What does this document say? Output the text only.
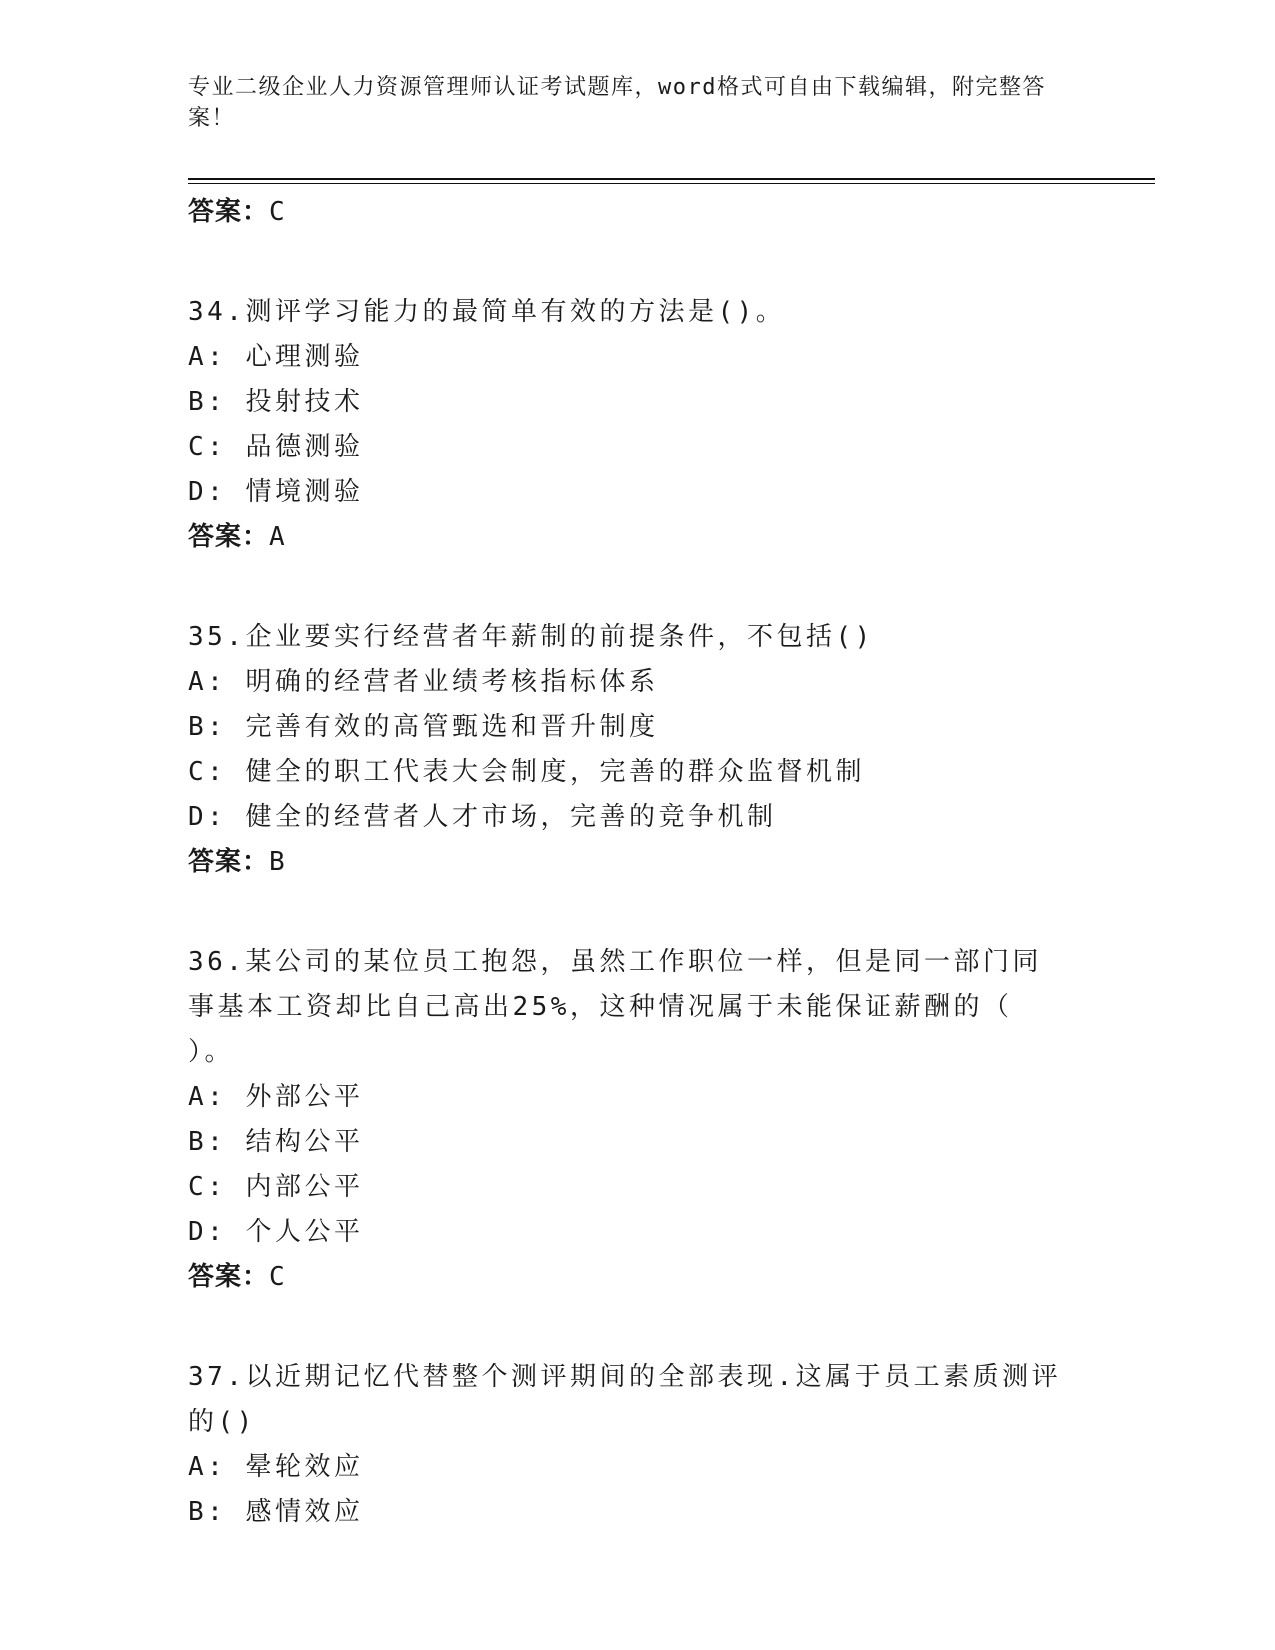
专业二级企业人力资源管理师认证考试题库，word格式可自由下载编辑，附完整答案！
答案：C
34.测评学习能力的最简单有效的方法是()。
A: 心理测验
B: 投射技术
C: 品德测验
D: 情境测验
答案：A
35.企业要实行经营者年薪制的前提条件，不包括()
A: 明确的经营者业绩考核指标体系
B: 完善有效的高管甄选和晋升制度
C: 健全的职工代表大会制度，完善的群众监督机制
D: 健全的经营者人才市场，完善的竞争机制
答案：B
36.某公司的某位员工抱怨，虽然工作职位一样，但是同一部门同事基本工资却比自己高出25%，这种情况属于未能保证薪酬的（ ）。
A: 外部公平
B: 结构公平
C: 内部公平
D: 个人公平
答案：C
37.以近期记忆代替整个测评期间的全部表现.这属于员工素质测评的()
A: 晕轮效应
B: 感情效应
